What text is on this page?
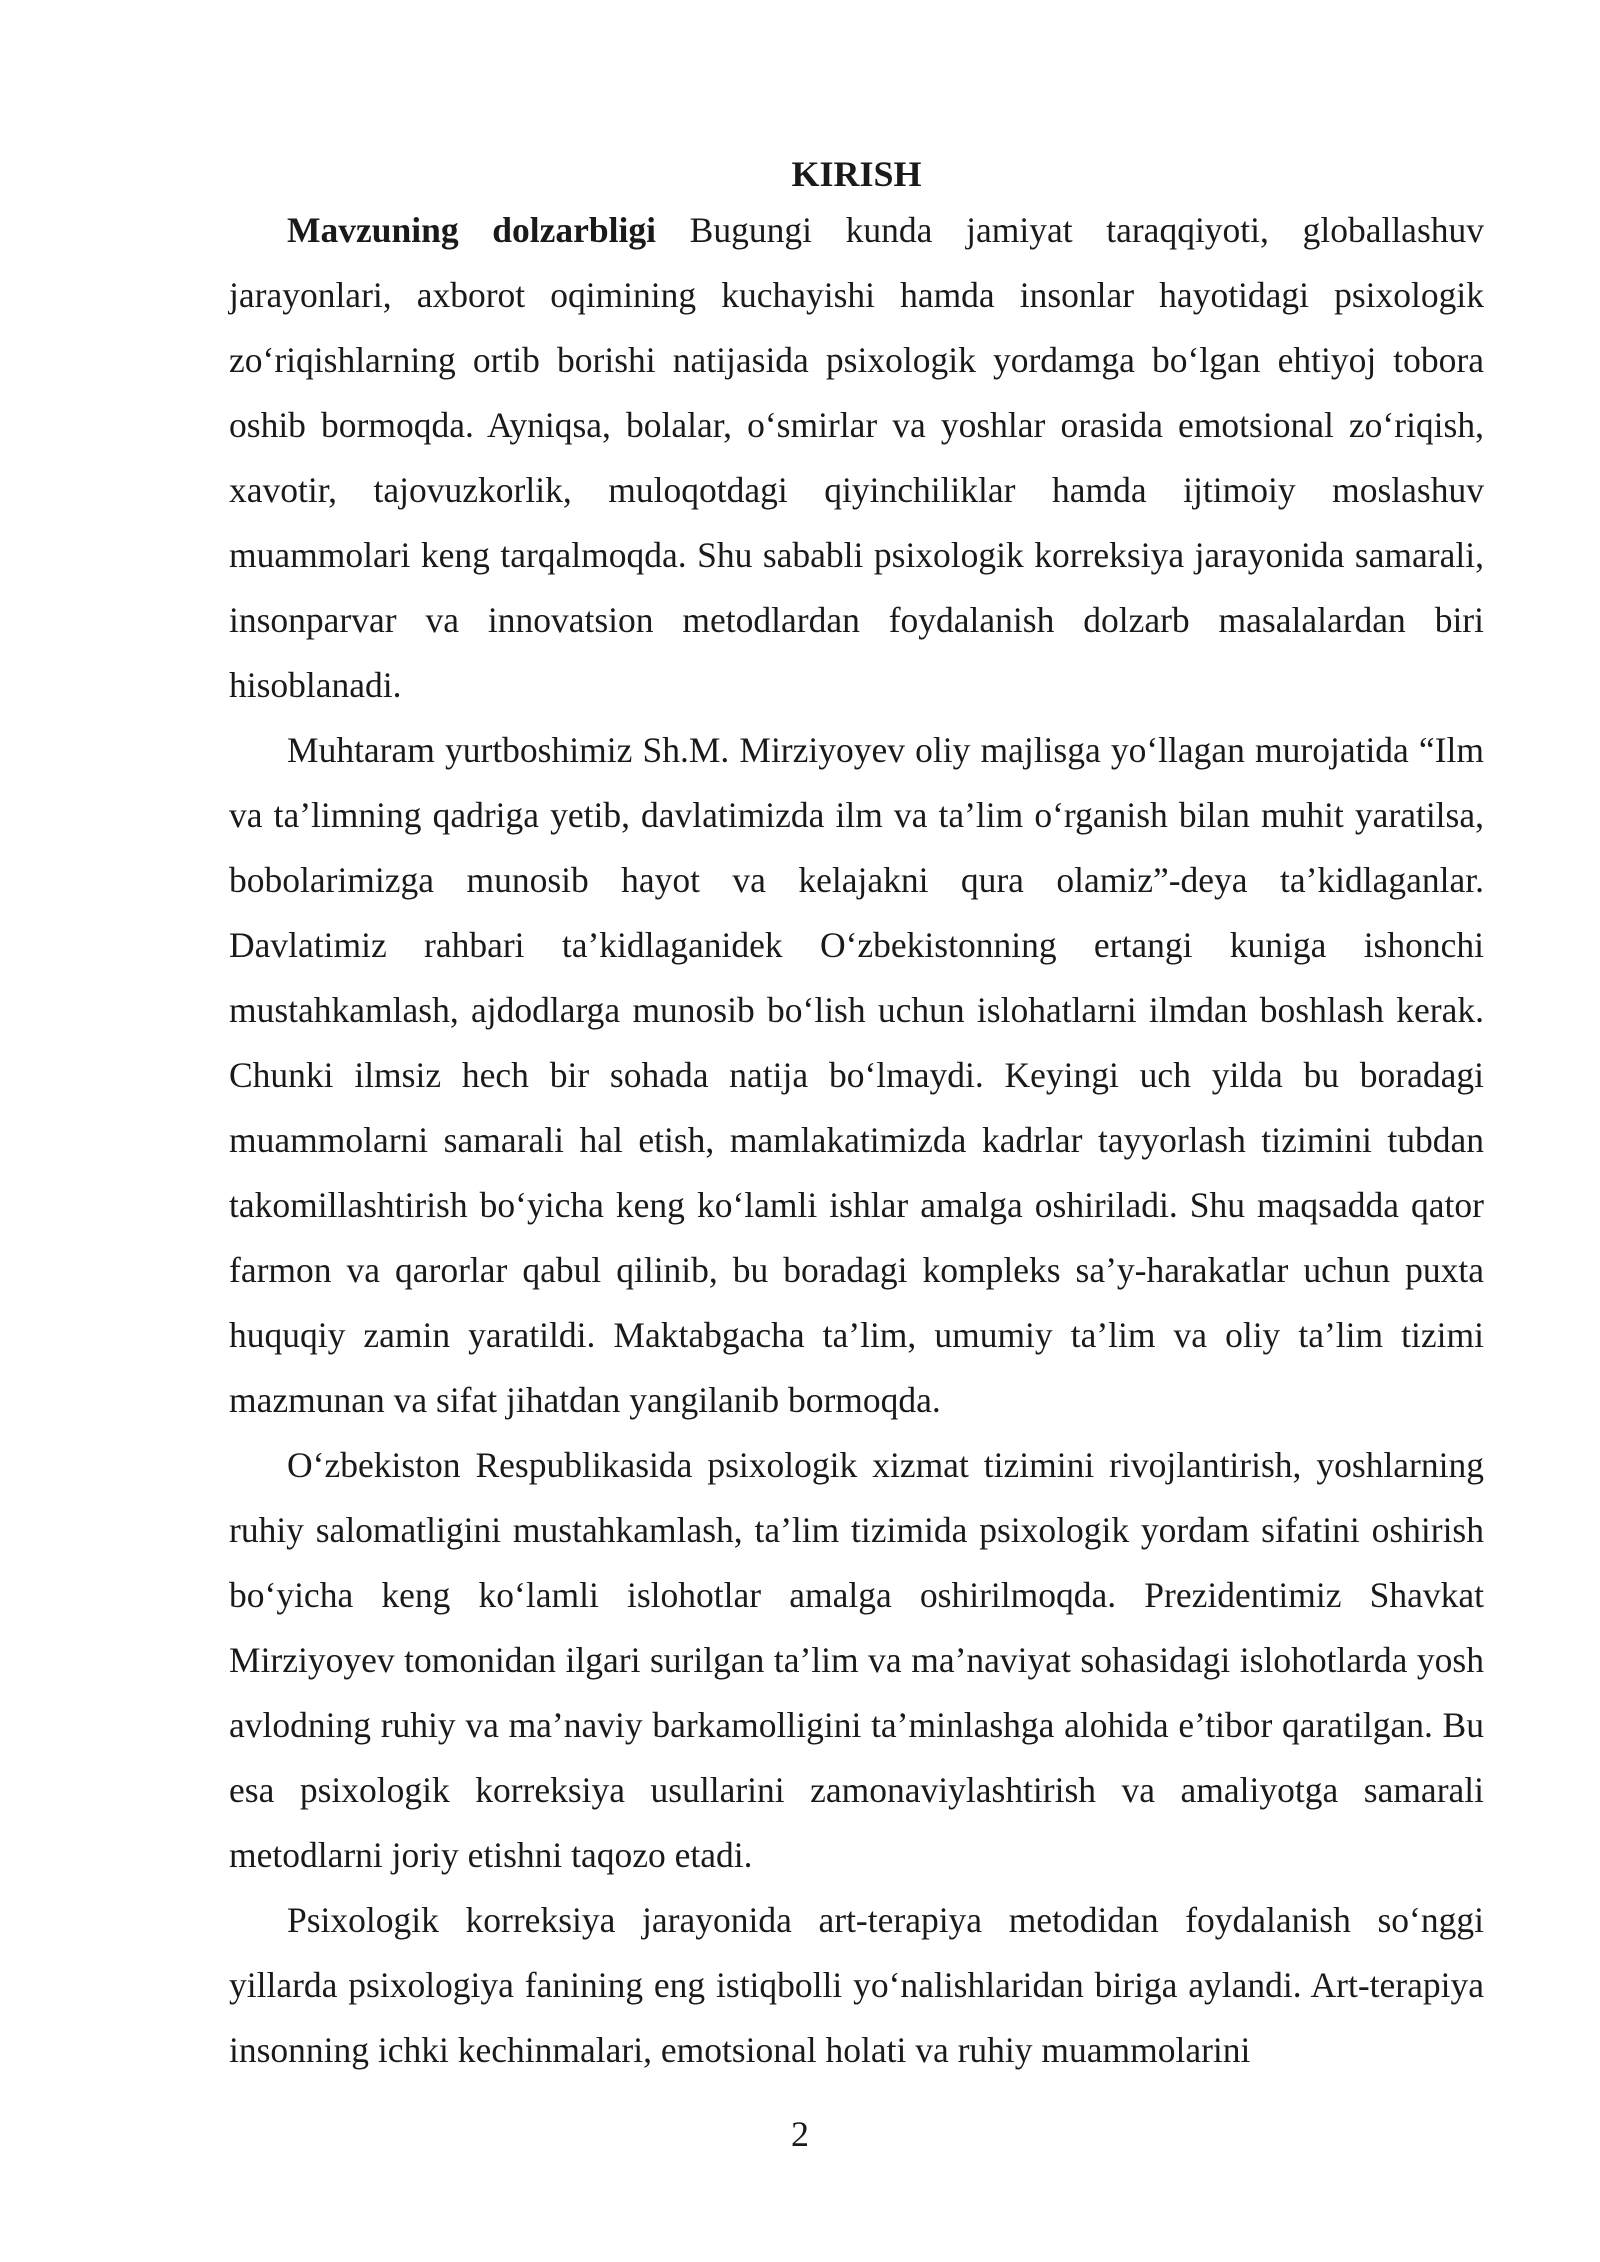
KIRISH

Mavzuning dolzarbligi Bugungi kunda jamiyat taraqqiyoti, globallashuv jarayonlari, axborot oqimining kuchayishi hamda insonlar hayotidagi psixologik zo‘riqishlarning ortib borishi natijasida psixologik yordamga bo‘lgan ehtiyoj tobora oshib bormoqda. Ayniqsa, bolalar, o‘smirlar va yoshlar orasida emotsional zo‘riqish, xavotir, tajovuzkorlik, muloqotdagi qiyinchiliklar hamda ijtimoiy moslashuv muammolari keng tarqalmoqda. Shu sababli psixologik korreksiya jarayonida samarali, insonparvar va innovatsion metodlardan foydalanish dolzarb masalalardan biri hisoblanadi.

Muhtaram yurtboshimiz Sh.M. Mirziyoyev oliy majlisga yo‘llagan murojatida “Ilm va ta’limning qadriga yetib, davlatimizda ilm va ta’lim o‘rganish bilan muhit yaratilsa, bobolarimizga munosib hayot va kelajakni qura olamiz”-deya ta’kidlaganlar. Davlatimiz rahbari ta’kidlaganidek O‘zbekistonning ertangi kuniga ishonchi mustahkamlash, ajdodlarga munosib bo‘lish uchun islohatlarni ilmdan boshlash kerak. Chunki ilmsiz hech bir sohada natija bo‘lmaydi. Keyingi uch yilda bu boradagi muammolarni samarali hal etish, mamlakatimizda kadrlar tayyorlash tizimini tubdan takomillashtirish bo‘yicha keng ko‘lamli ishlar amalga oshiriladi. Shu maqsadda qator farmon va qarorlar qabul qilinib, bu boradagi kompleks sa’y-harakatlar uchun puxta huquqiy zamin yaratildi. Maktabgacha ta’lim, umumiy ta’lim va oliy ta’lim tizimi mazmunan va sifat jihatdan yangilanib bormoqda.

O‘zbekiston Respublikasida psixologik xizmat tizimini rivojlantirish, yoshlarning ruhiy salomatligini mustahkamlash, ta’lim tizimida psixologik yordam sifatini oshirish bo‘yicha keng ko‘lamli islohotlar amalga oshirilmoqda. Prezidentimiz Shavkat Mirziyoyev tomonidan ilgari surilgan ta’lim va ma’naviyat sohasidagi islohotlarda yosh avlodning ruhiy va ma’naviy barkamolligini ta’minlashga alohida e’tibor qaratilgan. Bu esa psixologik korreksiya usullarini zamonaviylashtirish va amaliyotga samarali metodlarni joriy etishni taqozo etadi.

Psixologik korreksiya jarayonida art-terapiya metodidan foydalanish so‘nggi yillarda psixologiya fanining eng istiqbolli yo‘nalishlaridan biriga aylandi. Art-terapiya insonning ichki kechinmalari, emotsional holati va ruhiy muammolarini

2
